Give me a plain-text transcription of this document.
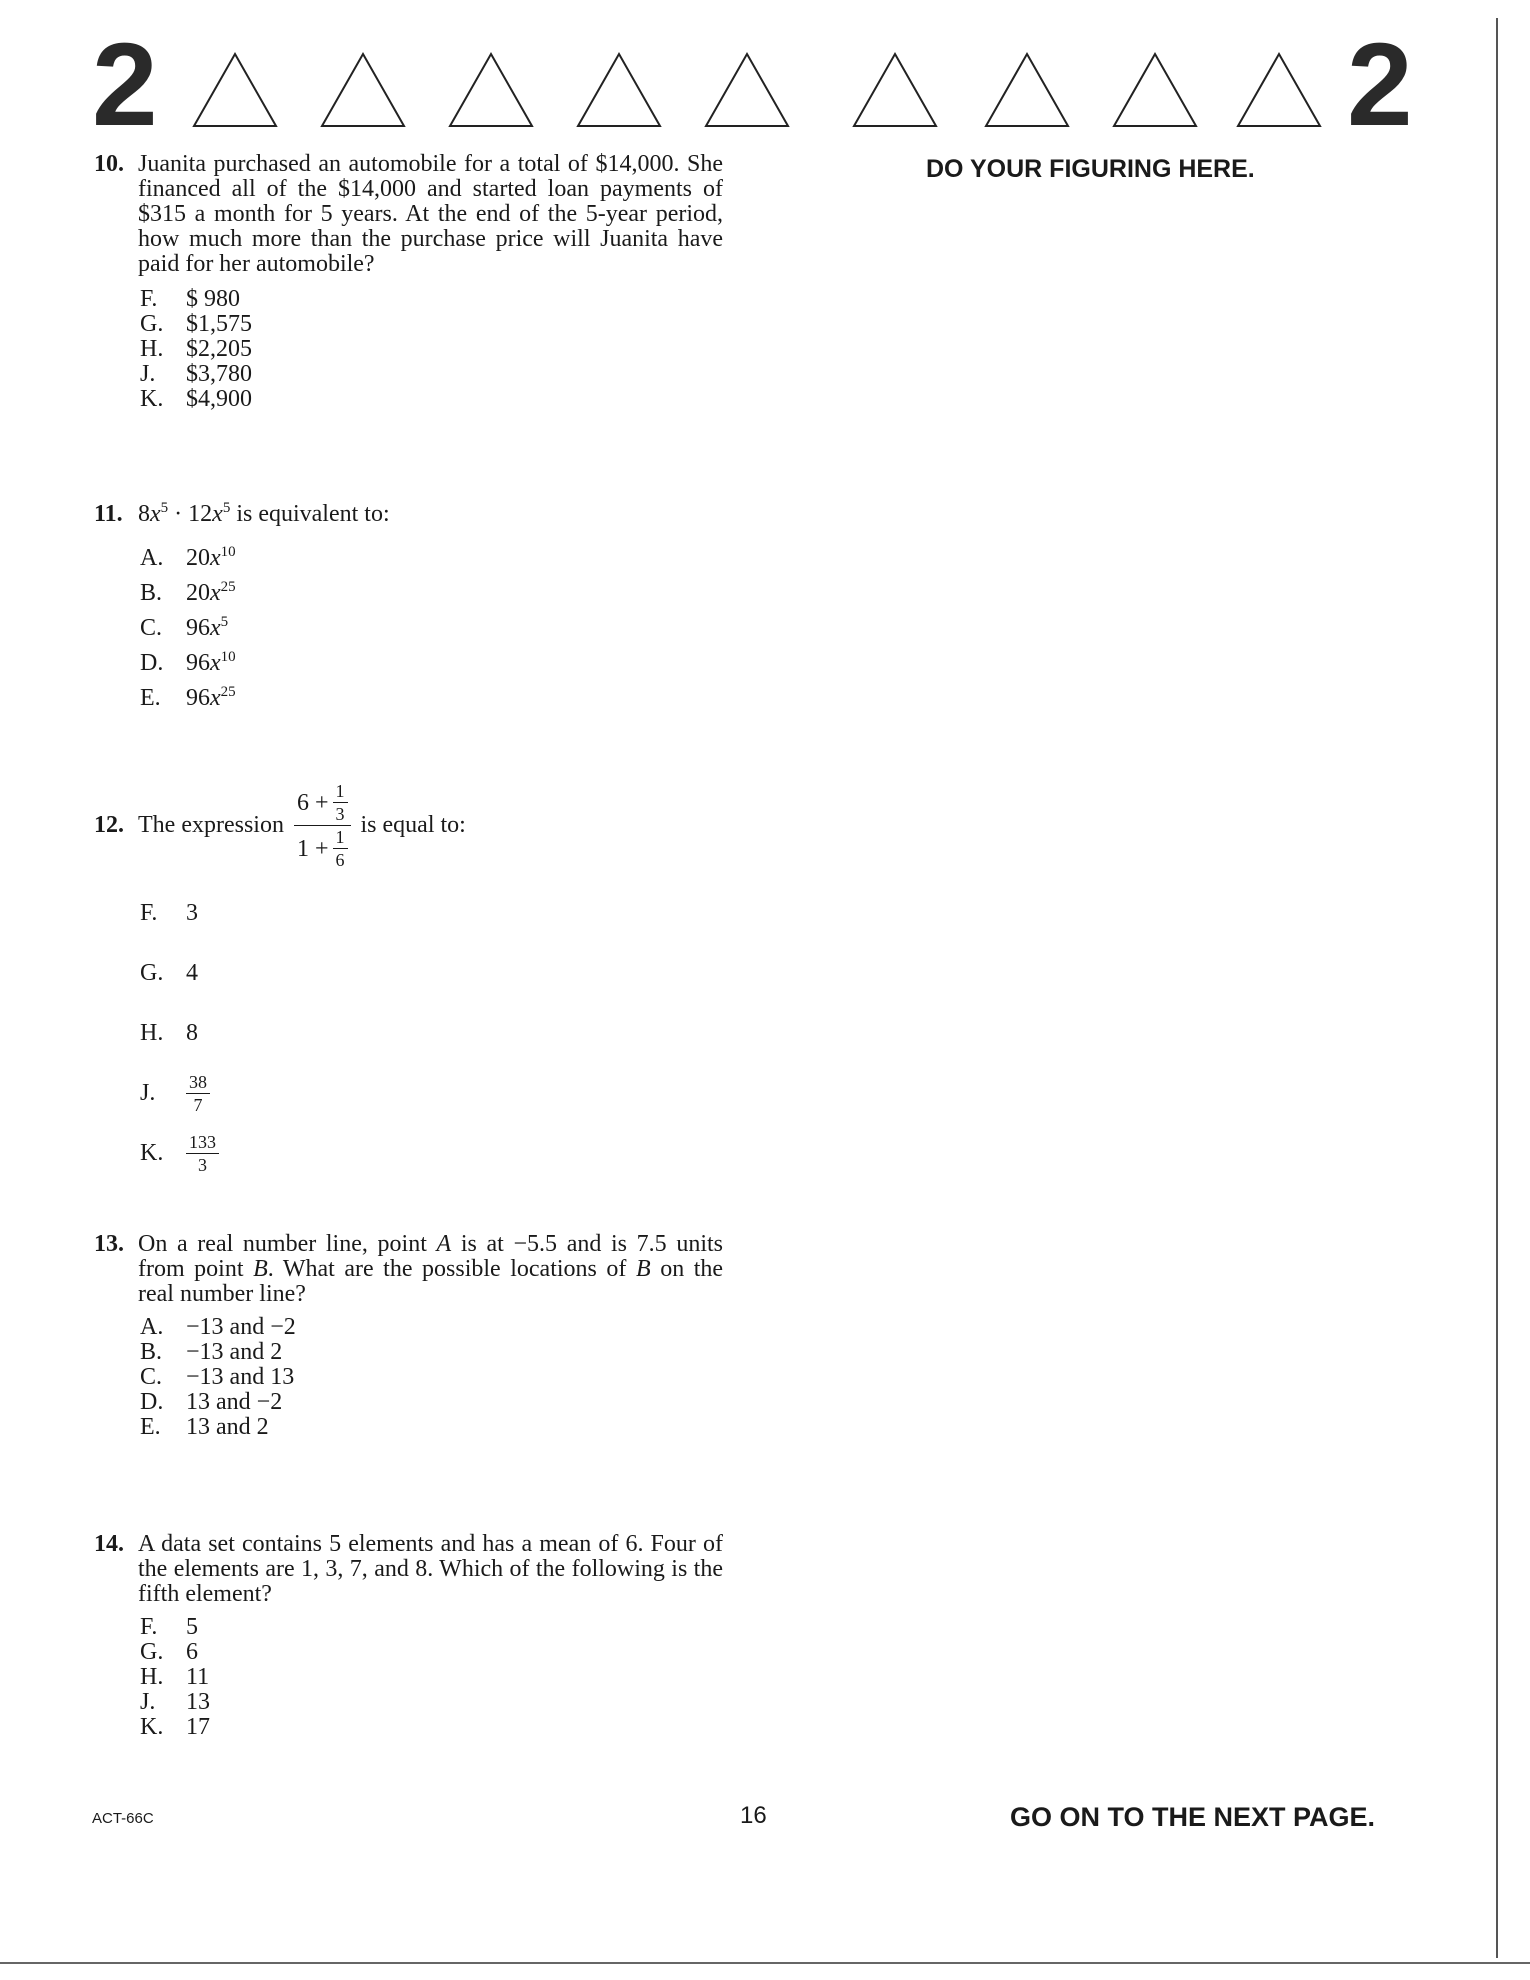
2	2
DO YOUR FIGURING HERE.
10. Juanita purchased an automobile for a total of $14,000. She financed all of the $14,000 and started loan payments of $315 a month for 5 years. At the end of the 5-year period, how much more than the purchase price will Juanita have paid for her automobile?
F.	$ 980
G. $1,575
H. $2,205
J.	$3,780
K. $4,900
11. $8x^5 \cdot 12x^5$ is equivalent to:
A. $20x^{10}$
B. $20x^{25}$
C. $96x^5$
D. $96x^{10}$
E.	$96x^{25}$
12. The expression $\frac{6 + \frac{1}{3}}{1 + \frac{1}{6}}$ is equal to:
F.	3
G. 4
H. 8
J.	$\frac{38}{7}$
K.	$\frac{133}{3}$
13. On a real number line, point A is at −5.5 and is 7.5 units from point B. What are the possible locations of B on the real number line?
A. −13 and −2
B. −13 and 2
C. −13 and 13
D. 13 and −2
E.	13 and 2
14. A data set contains 5 elements and has a mean of 6. Four of the elements are 1, 3, 7, and 8. Which of the following is the fifth element?
F.	5
G. 6
H. 11
J.	13
K. 17
ACT-66C	16	GO ON TO THE NEXT PAGE.
